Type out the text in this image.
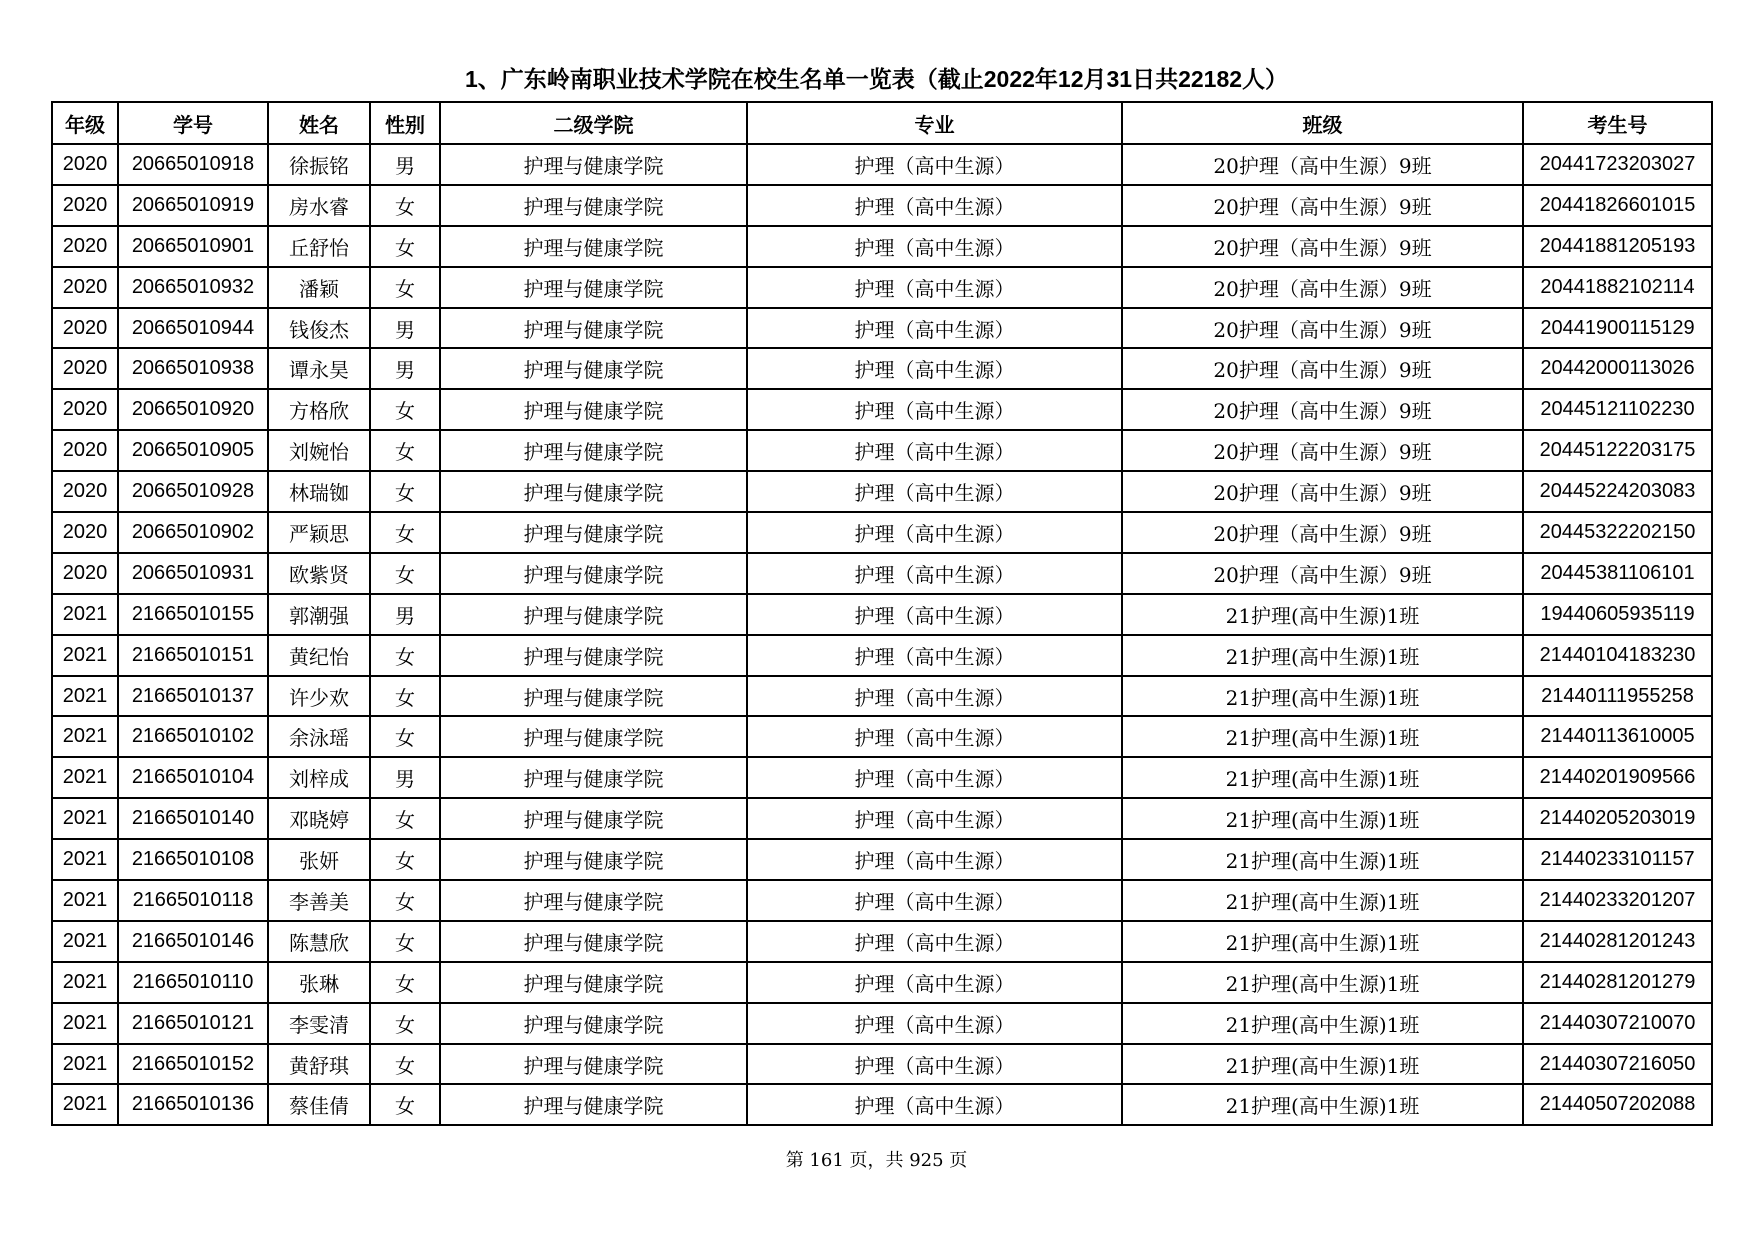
1、广东岭南职业技术学院在校生名单一览表（截止2022年12月31日共22182人）
年级	学号	姓名	性别	二级学院	专业	班级	考生号
2020	20665010918	徐振铭	男	护理与健康学院	护理（高中生源）	20护理（高中生源）9班	20441723203027
2020	20665010919	房水睿	女	护理与健康学院	护理（高中生源）	20护理（高中生源）9班	20441826601015
2020	20665010901	丘舒怡	女	护理与健康学院	护理（高中生源）	20护理（高中生源）9班	20441881205193
2020	20665010932	潘颖	女	护理与健康学院	护理（高中生源）	20护理（高中生源）9班	20441882102114
2020	20665010944	钱俊杰	男	护理与健康学院	护理（高中生源）	20护理（高中生源）9班	20441900115129
2020	20665010938	谭永昊	男	护理与健康学院	护理（高中生源）	20护理（高中生源）9班	20442000113026
2020	20665010920	方格欣	女	护理与健康学院	护理（高中生源）	20护理（高中生源）9班	20445121102230
2020	20665010905	刘婉怡	女	护理与健康学院	护理（高中生源）	20护理（高中生源）9班	20445122203175
2020	20665010928	林瑞铷	女	护理与健康学院	护理（高中生源）	20护理（高中生源）9班	20445224203083
2020	20665010902	严颖思	女	护理与健康学院	护理（高中生源）	20护理（高中生源）9班	20445322202150
2020	20665010931	欧紫贤	女	护理与健康学院	护理（高中生源）	20护理（高中生源）9班	20445381106101
2021	21665010155	郭潮强	男	护理与健康学院	护理（高中生源）	21护理(高中生源)1班	19440605935119
2021	21665010151	黄纪怡	女	护理与健康学院	护理（高中生源）	21护理(高中生源)1班	21440104183230
2021	21665010137	许少欢	女	护理与健康学院	护理（高中生源）	21护理(高中生源)1班	21440111955258
2021	21665010102	余泳瑶	女	护理与健康学院	护理（高中生源）	21护理(高中生源)1班	21440113610005
2021	21665010104	刘梓成	男	护理与健康学院	护理（高中生源）	21护理(高中生源)1班	21440201909566
2021	21665010140	邓晓婷	女	护理与健康学院	护理（高中生源）	21护理(高中生源)1班	21440205203019
2021	21665010108	张妍	女	护理与健康学院	护理（高中生源）	21护理(高中生源)1班	21440233101157
2021	21665010118	李善美	女	护理与健康学院	护理（高中生源）	21护理(高中生源)1班	21440233201207
2021	21665010146	陈慧欣	女	护理与健康学院	护理（高中生源）	21护理(高中生源)1班	21440281201243
2021	21665010110	张琳	女	护理与健康学院	护理（高中生源）	21护理(高中生源)1班	21440281201279
2021	21665010121	李雯清	女	护理与健康学院	护理（高中生源）	21护理(高中生源)1班	21440307210070
2021	21665010152	黄舒琪	女	护理与健康学院	护理（高中生源）	21护理(高中生源)1班	21440307216050
2021	21665010136	蔡佳倩	女	护理与健康学院	护理（高中生源）	21护理(高中生源)1班	21440507202088
第 161 页，共 925 页
